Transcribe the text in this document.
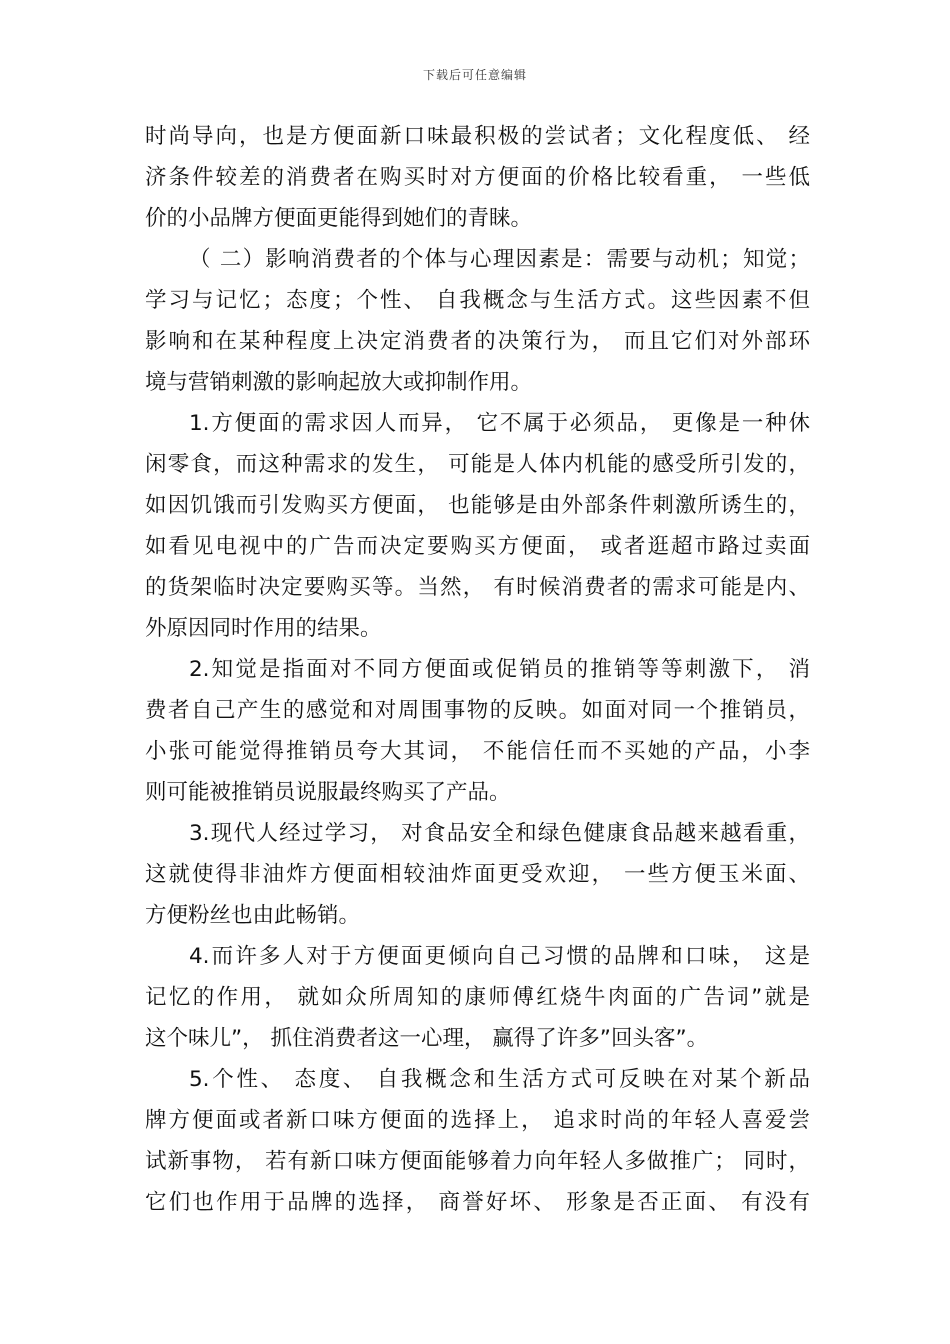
下载后可任意编辑
时尚导向，也是方便面新口味最积极的尝试者；文化程度低、 经
济条件较差的消费者在购买时对方便面的价格比较看重， 一些低
价的小品牌方便面更能得到她们的青睐。
（ 二）影响消费者的个体与心理因素是：需要与动机；知觉；
学习与记忆；态度；个性、 自我概念与生活方式。这些因素不但
影响和在某种程度上决定消费者的决策行为， 而且它们对外部环
境与营销刺激的影响起放大或抑制作用。
1.方便面的需求因人而异， 它不属于必须品， 更像是一种休
闲零食，而这种需求的发生， 可能是人体内机能的感受所引发的，
如因饥饿而引发购买方便面， 也能够是由外部条件刺激所诱生的，
如看见电视中的广告而决定要购买方便面， 或者逛超市路过卖面
的货架临时决定要购买等。当然， 有时候消费者的需求可能是内、
外原因同时作用的结果。
2.知觉是指面对不同方便面或促销员的推销等等刺激下， 消
费者自己产生的感觉和对周围事物的反映。如面对同一个推销员，
小张可能觉得推销员夸大其词， 不能信任而不买她的产品，小李
则可能被推销员说服最终购买了产品。
3.现代人经过学习， 对食品安全和绿色健康食品越来越看重，
这就使得非油炸方便面相较油炸面更受欢迎， 一些方便玉米面、
方便粉丝也由此畅销。
4.而许多人对于方便面更倾向自己习惯的品牌和口味， 这是
记忆的作用， 就如众所周知的康师傅红烧牛肉面的广告词”就是
这个味儿”， 抓住消费者这一心理， 赢得了许多”回头客”。
5.个性、 态度、 自我概念和生活方式可反映在对某个新品
牌方便面或者新口味方便面的选择上， 追求时尚的年轻人喜爱尝
试新事物， 若有新口味方便面能够着力向年轻人多做推广； 同时，
它们也作用于品牌的选择， 商誉好坏、 形象是否正面、 有没有
